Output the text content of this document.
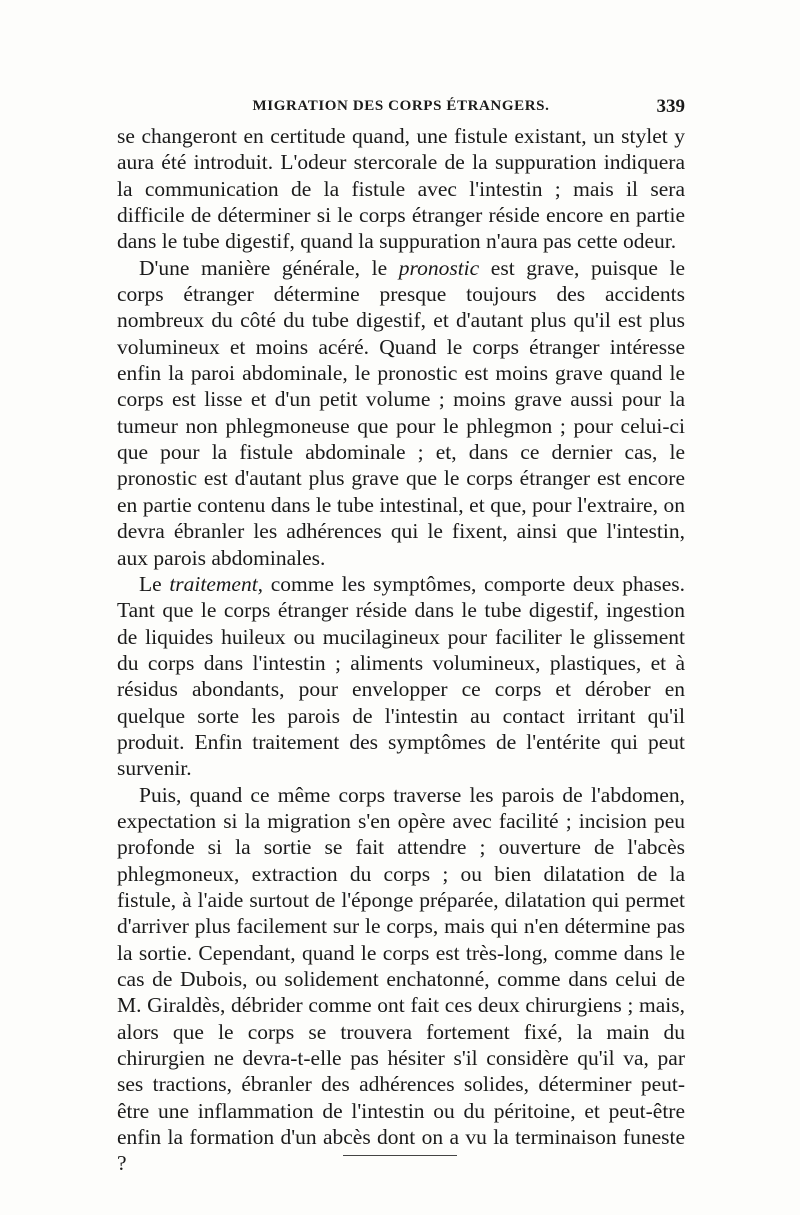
MIGRATION DES CORPS ÉTRANGERS.	339

se changeront en certitude quand, une fistule existant, un stylet y aura été introduit. L'odeur stercorale de la suppuration indiquera la communication de la fistule avec l'intestin ; mais il sera difficile de déterminer si le corps étranger réside encore en partie dans le tube digestif, quand la suppuration n'aura pas cette odeur.

D'une manière générale, le pronostic est grave, puisque le corps étranger détermine presque toujours des accidents nombreux du côté du tube digestif, et d'autant plus qu'il est plus volumineux et moins acéré. Quand le corps étranger intéresse enfin la paroi abdominale, le pronostic est moins grave quand le corps est lisse et d'un petit volume ; moins grave aussi pour la tumeur non phlegmoneuse que pour le phlegmon ; pour celui-ci que pour la fistule abdominale ; et, dans ce dernier cas, le pronostic est d'autant plus grave que le corps étranger est encore en partie contenu dans le tube intestinal, et que, pour l'extraire, on devra ébranler les adhérences qui le fixent, ainsi que l'intestin, aux parois abdominales.

Le traitement, comme les symptômes, comporte deux phases. Tant que le corps étranger réside dans le tube digestif, ingestion de liquides huileux ou mucilagineux pour faciliter le glissement du corps dans l'intestin ; aliments volumineux, plastiques, et à résidus abondants, pour envelopper ce corps et dérober en quelque sorte les parois de l'intestin au contact irritant qu'il produit. Enfin traitement des symptômes de l'entérite qui peut survenir.

Puis, quand ce même corps traverse les parois de l'abdomen, expectation si la migration s'en opère avec facilité ; incision peu profonde si la sortie se fait attendre ; ouverture de l'abcès phlegmoneux, extraction du corps ; ou bien dilatation de la fistule, à l'aide surtout de l'éponge préparée, dilatation qui permet d'arriver plus facilement sur le corps, mais qui n'en détermine pas la sortie. Cependant, quand le corps est très-long, comme dans le cas de Dubois, ou solidement enchatonné, comme dans celui de M. Giraldès, débrider comme ont fait ces deux chirurgiens ; mais, alors que le corps se trouvera fortement fixé, la main du chirurgien ne devra-t-elle pas hésiter s'il considère qu'il va, par ses tractions, ébranler des adhérences solides, déterminer peut-être une inflammation de l'intestin ou du péritoine, et peut-être enfin la formation d'un abcès dont on a vu la terminaison funeste ?
